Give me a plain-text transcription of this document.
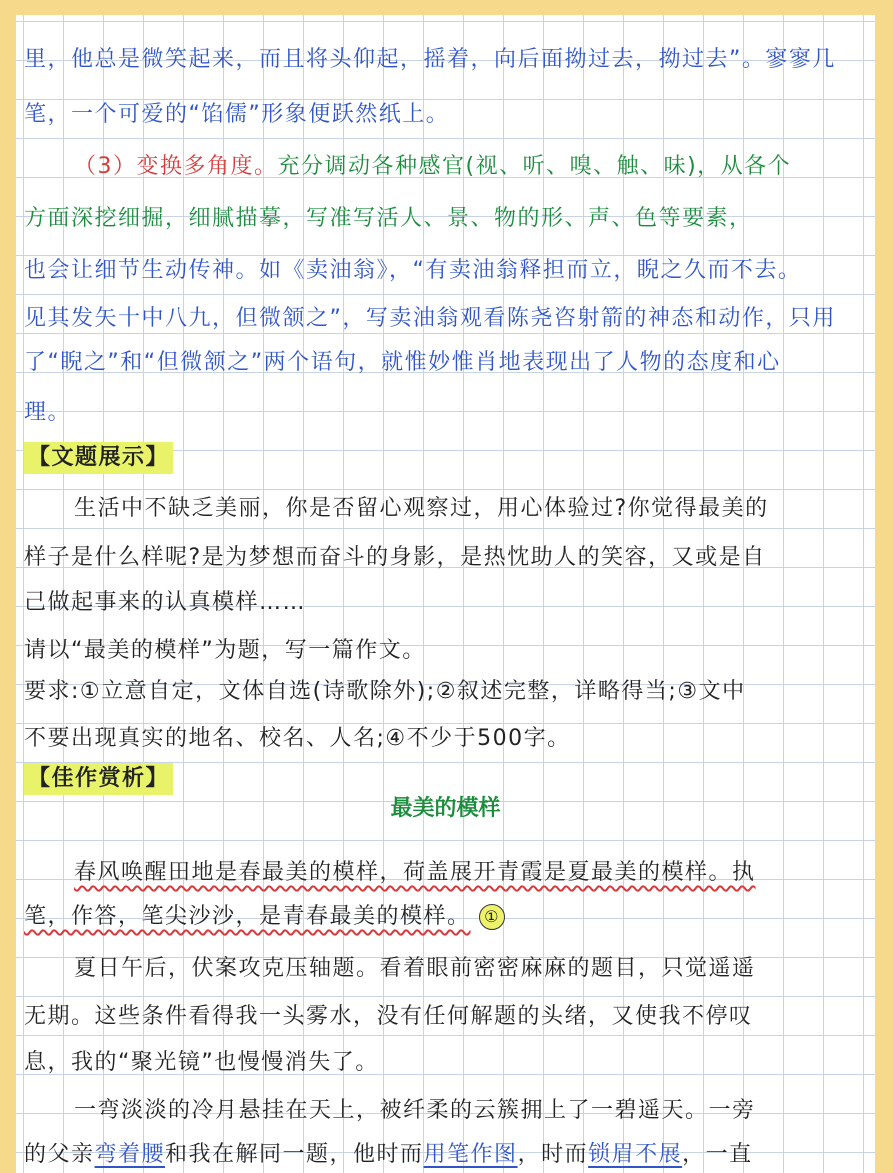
里，他总是微笑起来，而且将头仰起，摇着，向后面拗过去，拗过去”。寥寥几
笔，一个可爱的“馅儒”形象便跃然纸上。
（3）变换多角度。充分调动各种感官(视、听、嗅、触、味)，从各个
方面深挖细掘，细腻描摹，写准写活人、景、物的形、声、色等要素，
也会让细节生动传神。如《卖油翁》，“有卖油翁释担而立，睨之久而不去。
见其发矢十中八九，但微颔之”，写卖油翁观看陈尧咨射箭的神态和动作，只用
了“睨之”和“但微颔之”两个语句，就惟妙惟肖地表现出了人物的态度和心
理。
【文题展示】
生活中不缺乏美丽，你是否留心观察过，用心体验过?你觉得最美的
样子是什么样呢?是为梦想而奋斗的身影，是热忱助人的笑容，又或是自
己做起事来的认真模样……
请以“最美的模样”为题，写一篇作文。
要求:①立意自定，文体自选(诗歌除外);②叙述完整，详略得当;③文中
不要出现真实的地名、校名、人名;④不少于500字。
【佳作赏析】
最美的模样
春风唤醒田地是春最美的模样，荷盖展开青霞是夏最美的模样。执
笔，作答，笔尖沙沙，是青春最美的模样。 ①
夏日午后，伏案攻克压轴题。看着眼前密密麻麻的题目，只觉遥遥
无期。这些条件看得我一头雾水，没有任何解题的头绪，又使我不停叹
息，我的“聚光镜”也慢慢消失了。
一弯淡淡的冷月悬挂在天上，被纤柔的云簇拥上了一碧遥天。一旁
的父亲弯着腰和我在解同一题，他时而用笔作图，时而锁眉不展，一直
